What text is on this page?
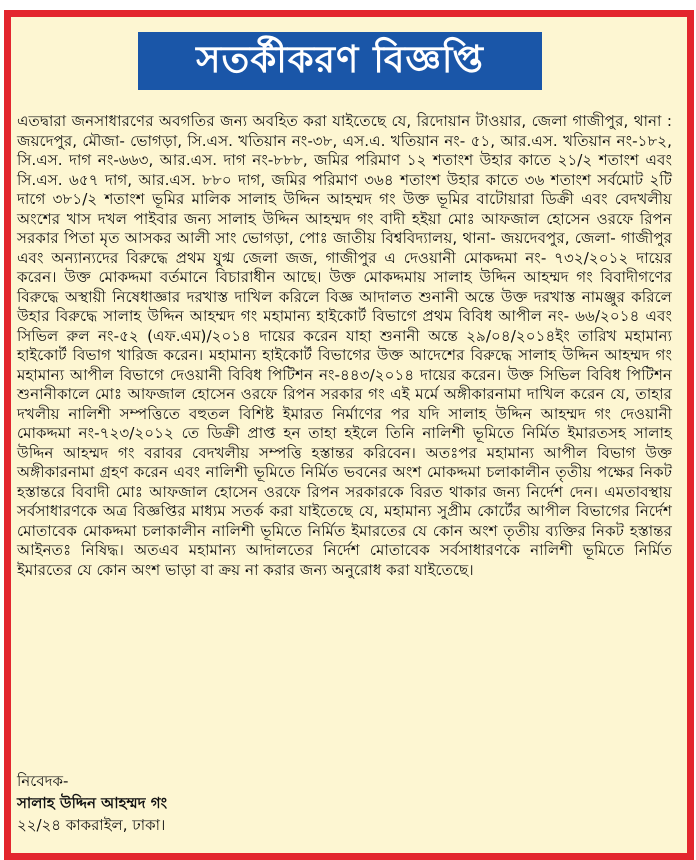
সতর্কীকরণ বিজ্ঞপ্তি

এতদ্বারা জনসাধারণের অবগতির জন্য অবহিত করা যাইতেছে যে, রিদোয়ান টাওয়ার, জেলা গাজীপুর, থানা : জয়দেপুর, মৌজা- ভোগড়া, সি.এস. খতিয়ান নং-৩৮, এস.এ. খতিয়ান নং- ৫১, আর.এস. খতিয়ান নং-১৮২, সি.এস. দাগ নং-৬৬৩, আর.এস. দাগ নং-৮৮৮, জমির পরিমাণ ১২ শতাংশ উহার কাতে ২১/২ শতাংশ এবং সি.এস. ৬৫৭ দাগ, আর.এস. ৮৮০ দাগ, জমির পরিমাণ ৩৬৪ শতাংশ উহার কাতে ৩৬ শতাংশ সর্বমোট ২টি দাগে ৩৮১/২ শতাংশ ভূমির মালিক সালাহ উদ্দিন আহম্মদ গং উক্ত ভূমির বাটোয়ারা ডিক্রী এবং বেদখলীয় অংশের খাস দখল পাইবার জন্য সালাহ উদ্দিন আহম্মদ গং বাদী হইয়া মোঃ আফজাল হোসেন ওরফে রিপন সরকার পিতা মৃত আসকর আলী সাং ভোগড়া, পোঃ জাতীয় বিশ্ববিদ্যালয়, থানা- জয়দেবপুর, জেলা- গাজীপুর এবং অন্যান্যদের বিরুদ্ধে প্রথম যুগ্ম জেলা জজ, গাজীপুর এ দেওয়ানী মোকদ্দমা নং- ৭৩২/২০১২ দায়ের করেন। উক্ত মোকদ্দমা বর্তমানে বিচারাধীন আছে। উক্ত মোকদ্দমায় সালাহ উদ্দিন আহম্মদ গং বিবাদীগণের বিরুদ্ধে অস্থায়ী নিষেধাজ্ঞার দরখাস্ত দাখিল করিলে বিজ্ঞ আদালত শুনানী অন্তে উক্ত দরখাস্ত নামঞ্জুর করিলে উহার বিরুদ্ধে সালাহ উদ্দিন আহম্মদ গং মহামান্য হাইকোর্ট বিভাগে প্রথম বিবিধ আপীল নং- ৬৬/২০১৪ এবং সিভিল রুল নং-৫২ (এফ.এম)/২০১৪ দায়ের করেন যাহা শুনানী অন্তে ২৯/০৪/২০১৪ইং তারিখ মহামান্য হাইকোর্ট বিভাগ খারিজ করেন। মহামান্য হাইকোর্ট বিভাগের উক্ত আদেশের বিরুদ্ধে সালাহ উদ্দিন আহম্মদ গং মহামান্য আপীল বিভাগে দেওয়ানী বিবিধ পিটিশন নং-৪৪৩/২০১৪ দায়ের করেন। উক্ত সিভিল বিবিধ পিটিশন শুনানীকালে মোঃ আফজাল হোসেন ওরফে রিপন সরকার গং এই মর্মে অঙ্গীকারনামা দাখিল করেন যে, তাহার দখলীয় নালিশী সম্পত্তিতে বহুতল বিশিষ্ট ইমারত নির্মাণের পর যদি সালাহ উদ্দিন আহম্মদ গং দেওয়ানী মোকদ্দমা নং-৭২৩/২০১২ তে ডিক্রী প্রাপ্ত হন তাহা হইলে তিনি নালিশী ভূমিতে নির্মিত ইমারতসহ সালাহ উদ্দিন আহম্মদ গং বরাবর বেদখলীয় সম্পত্তি হস্তান্তর করিবেন। অতঃপর মহামান্য আপীল বিভাগ উক্ত অঙ্গীকারনামা গ্রহণ করেন এবং নালিশী ভূমিতে নির্মিত ভবনের অংশ মোকদ্দমা চলাকালীন তৃতীয় পক্ষের নিকট হস্তান্তরে বিবাদী মোঃ আফজাল হোসেন ওরফে রিপন সরকারকে বিরত থাকার জন্য নির্দেশ দেন। এমতাবস্থায় সর্বসাধারণকে অত্র বিজ্ঞপ্তির মাধ্যম সতর্ক করা যাইতেছে যে, মহামান্য সুপ্রীম কোর্টের আপীল বিভাগের নির্দেশ মোতাবেক মোকদ্দমা চলাকালীন নালিশী ভূমিতে নির্মিত ইমারতের যে কোন অংশ তৃতীয় ব্যক্তির নিকট হস্তান্তর আইনতঃ নিষিদ্ধ। অতএব মহামান্য আদালতের নির্দেশ মোতাবেক সর্বসাধারণকে নালিশী ভূমিতে নির্মিত ইমারতের যে কোন অংশ ভাড়া বা ক্রয় না করার জন্য অনুরোধ করা যাইতেছে।

নিবেদক-
সালাহ উদ্দিন আহম্মদ গং
২২/২৪ কাকরাইল, ঢাকা।
